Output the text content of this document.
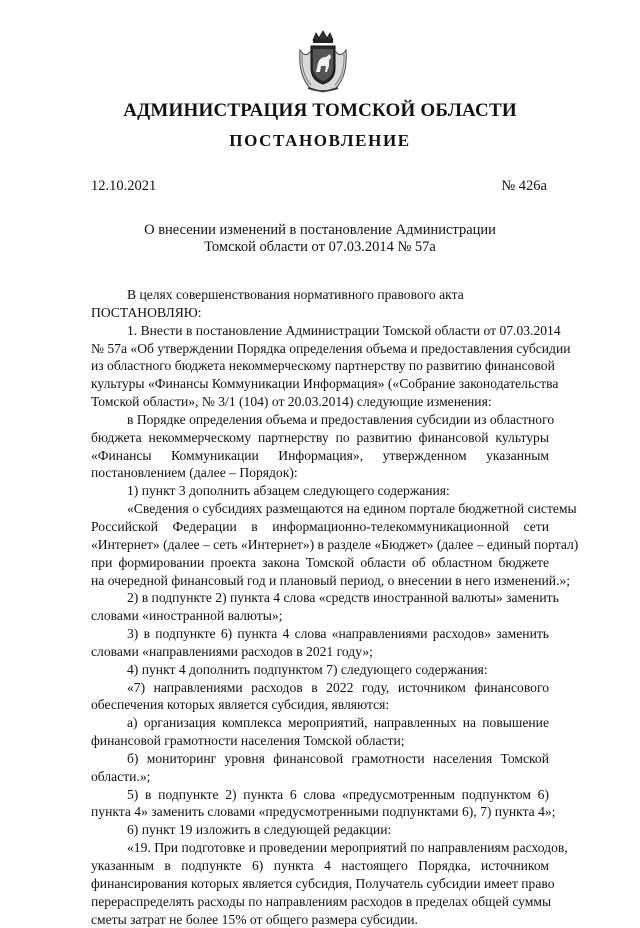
АДМИНИСТРАЦИЯ ТОМСКОЙ ОБЛАСТИ
ПОСТАНОВЛЕНИЕ
12.10.2021	№ 426а
О внесении изменений в постановление Администрации
Томской области от 07.03.2014 № 57а

В целях совершенствования нормативного правового акта

ПОСТАНОВЛЯЮ:

1. Внести в постановление Администрации Томской области от 07.03.2014
№ 57а «Об утверждении Порядка определения объема и предоставления субсидии
из областного бюджета некоммерческому партнерству по развитию финансовой
культуры «Финансы Коммуникации Информация» («Собрание законодательства
Томской области», № 3/1 (104) от 20.03.2014) следующие изменения:

в Порядке определения объема и предоставления субсидии из областного
бюджета некоммерческому партнерству по развитию финансовой культуры
«Финансы Коммуникации Информация», утвержденном указанным
постановлением (далее – Порядок):

1) пункт 3 дополнить абзацем следующего содержания:

«Сведения о субсидиях размещаются на едином портале бюджетной системы
Российской Федерации в информационно-телекоммуникационной сети
«Интернет» (далее – сеть «Интернет») в разделе «Бюджет» (далее – единый портал)
при формировании проекта закона Томской области об областном бюджете
на очередной финансовый год и плановый период, о внесении в него изменений.»;

2) в подпункте 2) пункта 4 слова «средств иностранной валюты» заменить
словами «иностранной валюты»;

3) в подпункте 6) пункта 4 слова «направлениями расходов» заменить
словами «направлениями расходов в 2021 году»;

4) пункт 4 дополнить подпунктом 7) следующего содержания:

«7) направлениями расходов в 2022 году, источником финансового
обеспечения которых является субсидия, являются:

а) организация комплекса мероприятий, направленных на повышение
финансовой грамотности населения Томской области;

б) мониторинг уровня финансовой грамотности населения Томской
области.»;

5) в подпункте 2) пункта 6 слова «предусмотренным подпунктом 6)
пункта 4» заменить словами «предусмотренными подпунктами 6), 7) пункта 4»;

6) пункт 19 изложить в следующей редакции:

«19. При подготовке и проведении мероприятий по направлениям расходов,
указанным в подпункте 6) пункта 4 настоящего Порядка, источником
финансирования которых является субсидия, Получатель субсидии имеет право
перераспределять расходы по направлениям расходов в пределах общей суммы
сметы затрат не более 15% от общего размера субсидии.
